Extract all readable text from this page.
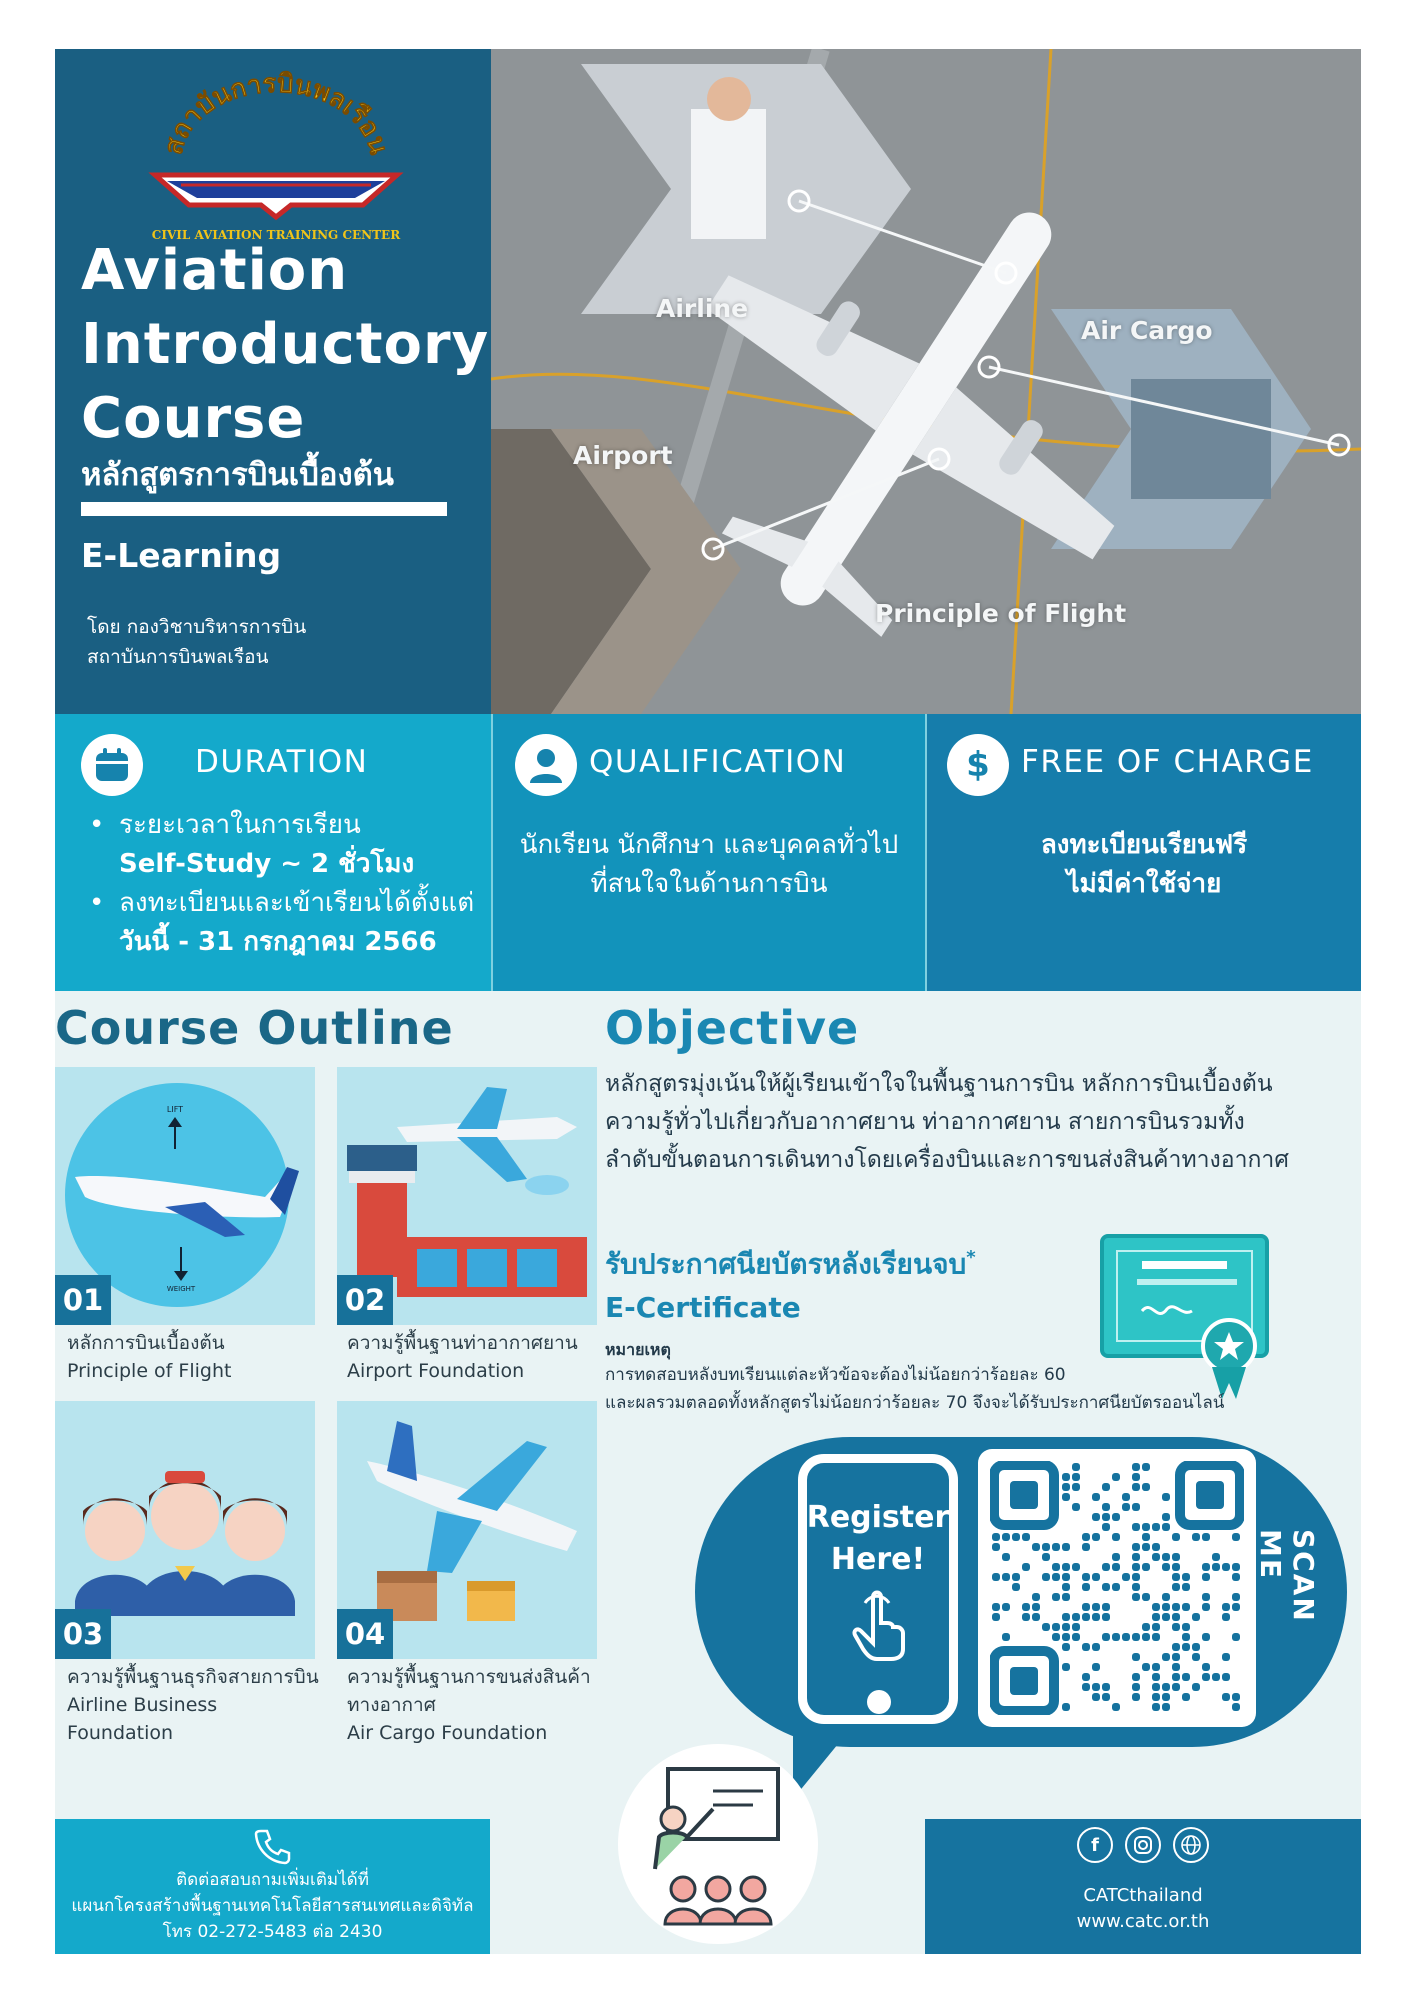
สถาบันการบินพลเรือน
CIVIL AVIATION TRAINING CENTER
Aviation
Introductory
Course
หลักสูตรการบินเบื้องต้น
E-Learning
โดย กองวิชาบริหารการบิน
สถาบันการบินพลเรือน
Airline
Air Cargo
Airport
Principle of Flight
DURATION
• ระยะเวลาในการเรียน
Self-Study ~ 2 ชั่วโมง
• ลงทะเบียนและเข้าเรียนได้ตั้งแต่
วันนี้ - 31 กรกฎาคม 2566
QUALIFICATION
นักเรียน นักศึกษา และบุคคลทั่วไป
ที่สนใจในด้านการบิน
$	FREE OF CHARGE
ลงทะเบียนเรียนฟรี
ไม่มีค่าใช้จ่าย
Course Outline
LIFT
WEIGHT
01
หลักการบินเบื้องต้น
Principle of Flight
02
ความรู้พื้นฐานท่าอากาศยาน
Airport Foundation
03
ความรู้พื้นฐานธุรกิจสายการบิน
Airline Business
Foundation
04
ความรู้พื้นฐานการขนส่งสินค้า
ทางอากาศ
Air Cargo Foundation
Objective
หลักสูตรมุ่งเน้นให้ผู้เรียนเข้าใจในพื้นฐานการบิน หลักการบินเบื้องต้น
ความรู้ทั่วไปเกี่ยวกับอากาศยาน ท่าอากาศยาน สายการบินรวมทั้ง
ลำดับขั้นตอนการเดินทางโดยเครื่องบินและการขนส่งสินค้าทางอากาศ
รับประกาศนียบัตรหลังเรียนจบ*
E-Certificate
หมายเหตุ
การทดสอบหลังบทเรียนแต่ละหัวข้อจะต้องไม่น้อยกว่าร้อยละ 60
และผลรวมตลอดทั้งหลักสูตรไม่น้อยกว่าร้อยละ 70 จึงจะได้รับประกาศนียบัตรออนไลน์
Register
Here!	SCAN ME
ติดต่อสอบถามเพิ่มเติมได้ที่
แผนกโครงสร้างพื้นฐานเทคโนโลยีสารสนเทศและดิจิทัล
โทร 02-272-5483 ต่อ 2430
f
CATCthailand
www.catc.or.th
